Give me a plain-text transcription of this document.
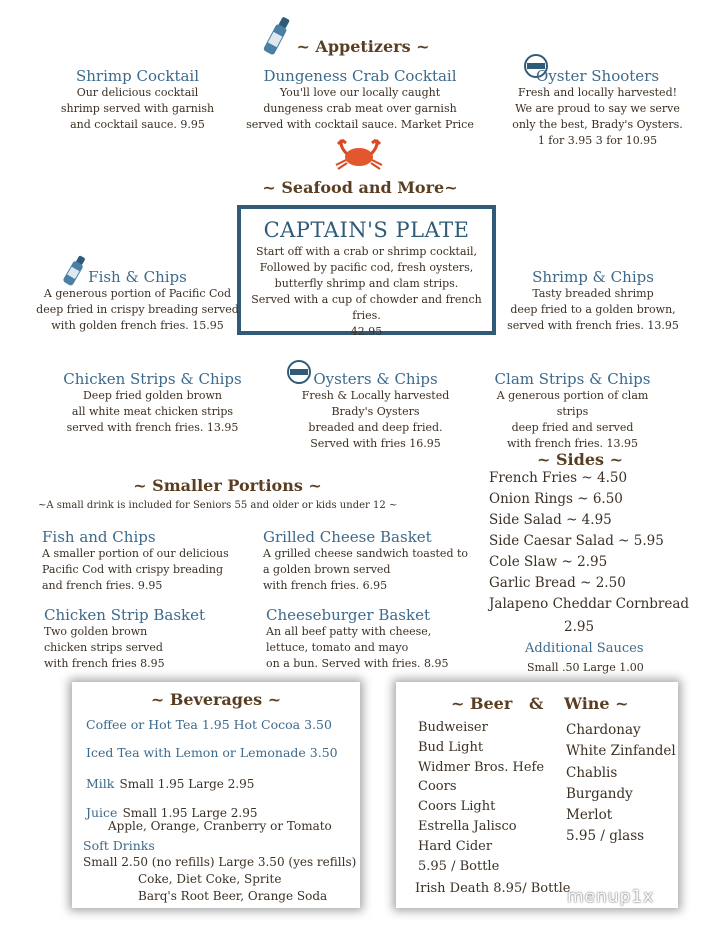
~ Appetizers ~
Shrimp Cocktail
Our delicious cocktail
shrimp served with garnish
and cocktail sauce. 9.95
Dungeness Crab Cocktail
You'll love our locally caught
dungeness crab meat over garnish
served with cocktail sauce. Market Price
Oyster Shooters
Fresh and locally harvested!
We are proud to say we serve
only the best, Brady's Oysters.
1 for 3.95 3 for 10.95
~ Seafood and More~
CAPTAIN'S PLATE
Start off with a crab or shrimp cocktail,
Followed by pacific cod, fresh oysters,
butterfly shrimp and clam strips.
Served with a cup of chowder and french fries.
42.95
Fish & Chips
A generous portion of Pacific Cod
deep fried in crispy breading served
with golden french fries. 15.95
Shrimp & Chips
Tasty breaded shrimp
deep fried to a golden brown,
served with french fries. 13.95
Chicken Strips & Chips
Deep fried golden brown
all white meat chicken strips
served with french fries. 13.95
Oysters & Chips
Fresh & Locally harvested
Brady's Oysters
breaded and deep fried.
Served with fries 16.95
Clam Strips & Chips
A generous portion of clam strips
deep fried and served
with french fries. 13.95
~ Smaller Portions ~
~A small drink is included for Seniors 55 and older or kids under 12 ~
Fish and Chips
A smaller portion of our delicious
Pacific Cod with crispy breading
and french fries. 9.95
Grilled Cheese Basket
A grilled cheese sandwich toasted to
a golden brown served
with french fries. 6.95
Chicken Strip Basket
Two golden brown
chicken strips served
with french fries 8.95
Cheeseburger Basket
An all beef patty with cheese,
lettuce, tomato and mayo
on a bun. Served with fries. 8.95
~ Sides ~
French Fries ~ 4.50
Onion Rings ~ 6.50
Side Salad ~ 4.95
Side Caesar Salad ~ 5.95
Cole Slaw ~ 2.95
Garlic Bread ~ 2.50
Jalapeno Cheddar Cornbread
2.95
Additional Sauces
Small .50 Large 1.00
~ Beverages ~
Coffee or Hot Tea 1.95 Hot Cocoa 3.50
Iced Tea with Lemon or Lemonade 3.50
Milk Small 1.95 Large 2.95
Juice Small 1.95 Large 2.95
Apple, Orange, Cranberry or Tomato
Soft Drinks
Small 2.50 (no refills) Large 3.50 (yes refills)
Coke, Diet Coke, Sprite
Barq's Root Beer, Orange Soda
~ Beer & Wine ~
Budweiser
Bud Light
Widmer Bros. Hefe
Coors
Coors Light
Estrella Jalisco
Hard Cider
5.95 / Bottle
Irish Death 8.95/ Bottle
Chardonay
White Zinfandel
Chablis
Burgandy
Merlot
5.95 / glass
menup1x
